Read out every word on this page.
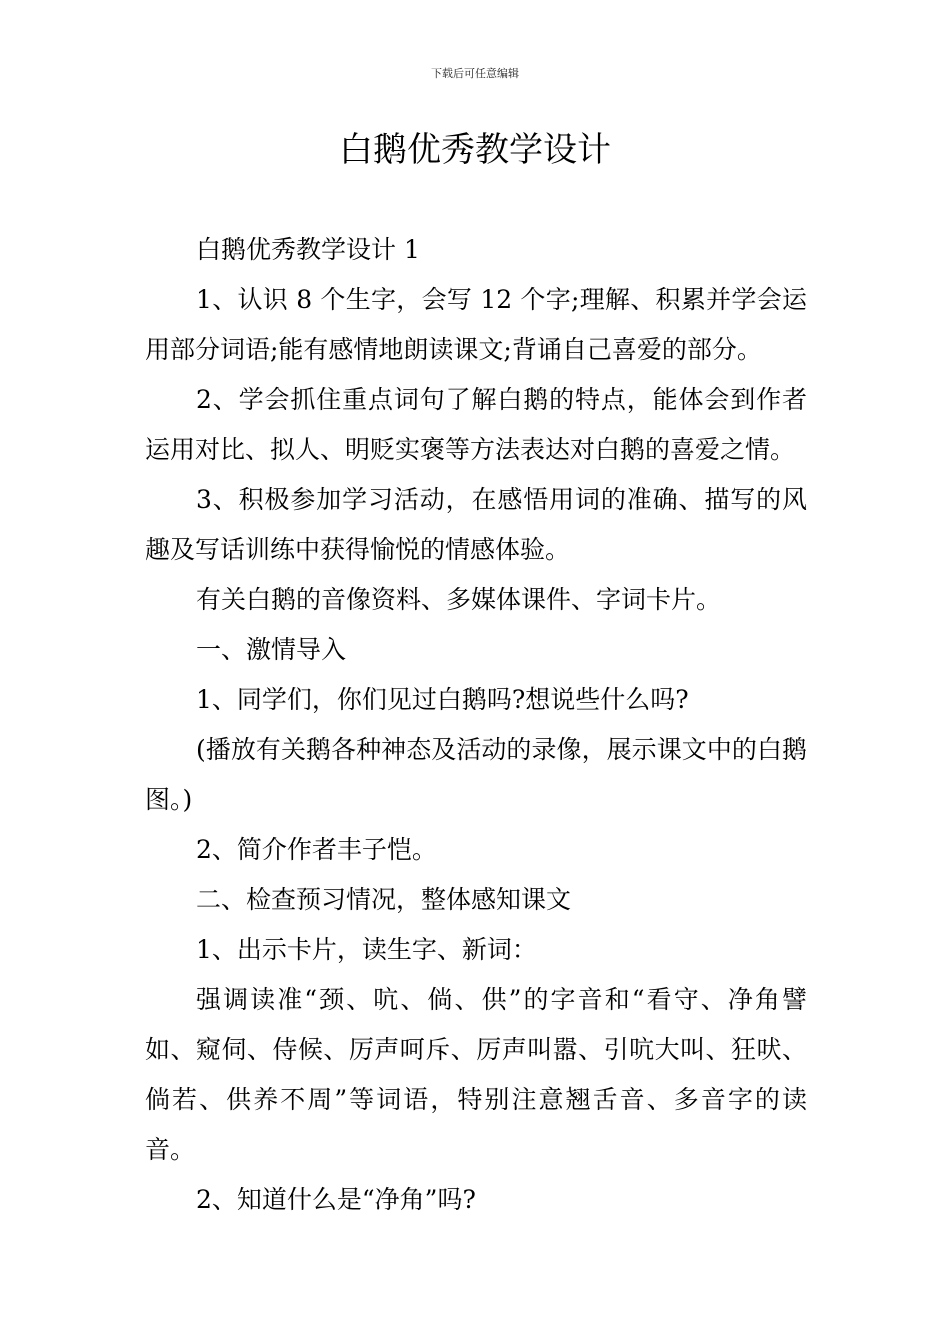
下载后可任意编辑
白鹅优秀教学设计

白鹅优秀教学设计 1

1、认识 8 个生字，会写 12 个字;理解、积累并学会运用部分词语;能有感情地朗读课文;背诵自己喜爱的部分。

2、学会抓住重点词句了解白鹅的特点，能体会到作者运用对比、拟人、明贬实褒等方法表达对白鹅的喜爱之情。

3、积极参加学习活动，在感悟用词的准确、描写的风趣及写话训练中获得愉悦的情感体验。

有关白鹅的音像资料、多媒体课件、字词卡片。

一、激情导入

1、同学们，你们见过白鹅吗?想说些什么吗?

(播放有关鹅各种神态及活动的录像，展示课文中的白鹅图。)

2、简介作者丰子恺。

二、检查预习情况，整体感知课文

1、出示卡片，读生字、新词：

强调读准“颈、吭、倘、供”的字音和“看守、净角譬如、窥伺、侍候、厉声呵斥、厉声叫嚣、引吭大叫、狂吠、倘若、供养不周”等词语，特别注意翘舌音、多音字的读音。

2、知道什么是“净角”吗?
